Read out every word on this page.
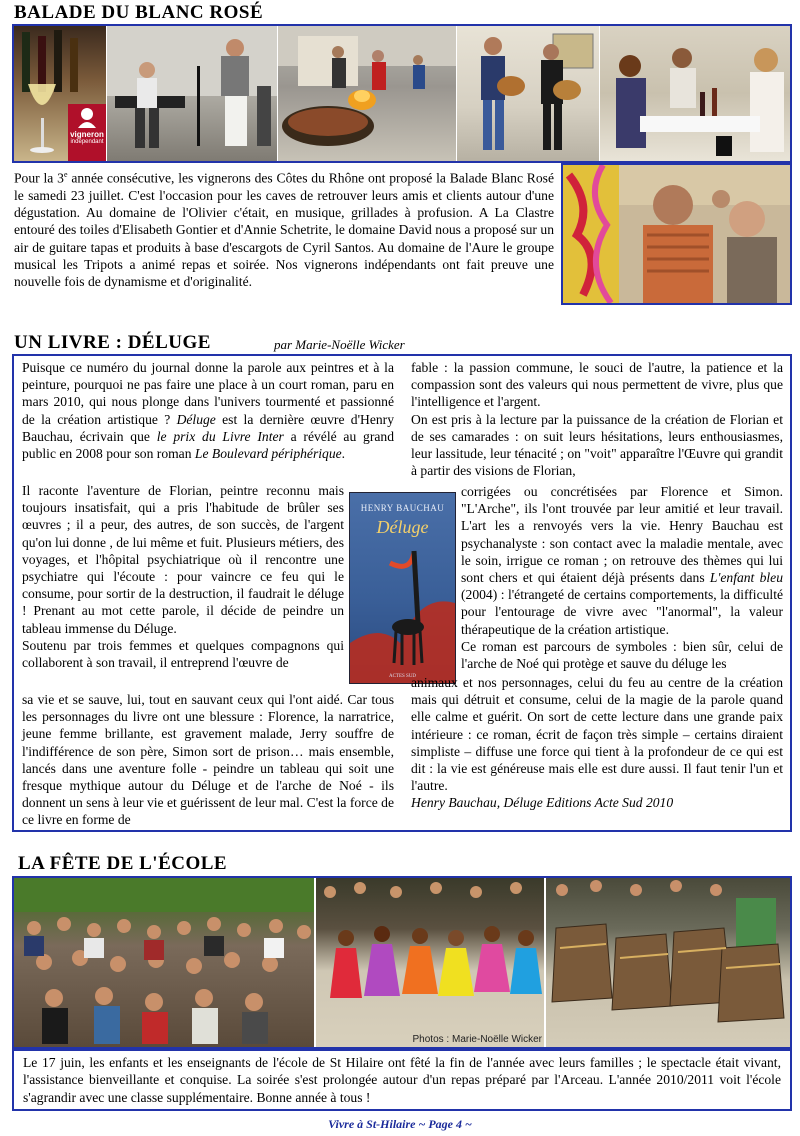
BALADE DU BLANC ROSÉ
vigneron
indépendant
Pour la 3e année consécutive, les vignerons des Côtes du Rhône ont proposé la Balade Blanc Rosé le samedi 23 juillet. C'est l'occasion pour les caves de retrouver leurs amis et clients autour d'une dégustation. Au domaine de l'Olivier c'était, en musique, grillades à profusion. A La Clastre entouré des toiles d'Elisabeth Gontier et d'Annie Schetrite, le domaine David nous a proposé sur un air de guitare tapas et produits à base d'escargots de Cyril Santos. Au domaine de l'Aure le groupe musical les Tripots a animé repas et soirée. Nos vignerons indépendants ont fait preuve une nouvelle fois de dynamisme et d'originalité.
UN LIVRE : DÉLUGE	par Marie-Noëlle Wicker

Puisque ce numéro du journal donne la parole aux peintres et à la peinture, pourquoi ne pas faire une place à un court roman, paru en mars 2010, qui nous plonge dans l'univers tourmenté et passionné de la création artistique ? Déluge est la dernière œuvre d'Henry Bauchau, écrivain que le prix du Livre Inter a révélé au grand public en 2008 pour son roman Le Boulevard périphérique.

Il raconte l'aventure de Florian, peintre reconnu mais toujours insatisfait, qui a pris l'habitude de brûler ses œuvres ; il a peur, des autres, de son succès, de l'argent qu'on lui donne , de lui même et fuit. Plusieurs métiers, des voyages, et l'hôpital psychiatrique où il rencontre une psychiatre qui l'écoute : pour vaincre ce feu qui le consume, pour sortir de la destruction, il faudrait le déluge ! Prenant au mot cette parole, il décide de peindre un tableau immense du Déluge.

Soutenu par trois femmes et quelques compagnons qui collaborent à son travail, il entreprend l'œuvre de

sa vie et se sauve, lui, tout en sauvant ceux qui l'ont aidé. Car tous les personnages du livre ont une blessure : Florence, la narratrice, jeune femme brillante, est gravement malade, Jerry souffre de l'indifférence de son père, Simon sort de prison… mais ensemble, lancés dans une aventure folle - peindre un tableau qui soit une fresque mythique autour du Déluge et de l'arche de Noé - ils donnent un sens à leur vie et guérissent de leur mal. C'est la force de ce livre en forme de

HENRY BAUCHAU
Déluge
ACTES SUD

fable : la passion commune, le souci de l'autre, la patience et la compassion sont des valeurs qui nous permettent de vivre, plus que l'intelligence et l'argent.

On est pris à la lecture par la puissance de la création de Florian et de ses camarades : on suit leurs hésitations, leurs enthousiasmes, leur lassitude, leur ténacité ; on "voit" apparaître l'Œuvre qui grandit à partir des visions de Florian,

corrigées ou concrétisées par Florence et Simon. "L'Arche", ils l'ont trouvée par leur amitié et leur travail. L'art les a renvoyés vers la vie. Henry Bauchau est psychanalyste : son contact avec la maladie mentale, avec le soin, irrigue ce roman ; on retrouve des thèmes qui lui sont chers et qui étaient déjà présents dans L'enfant bleu (2004) : l'étrangeté de certains comportements, la difficulté pour l'entourage de vivre avec "l'anormal", la valeur thérapeutique de la création artistique.

Ce roman est parcours de symboles : bien sûr, celui de l'arche de Noé qui protège et sauve du déluge les

animaux et nos personnages, celui du feu au centre de la création mais qui détruit et consume, celui de la magie de la parole quand elle calme et guérit. On sort de cette lecture dans une grande paix intérieure : ce roman, écrit de façon très simple – certains diraient simpliste – diffuse une force qui tient à la profondeur de ce qui est dit : la vie est généreuse mais elle est dure aussi. Il faut tenir l'un et l'autre.

Henry Bauchau, Déluge Editions Acte Sud 2010

LA FÊTE DE L'ÉCOLE
Photos : Marie-Noëlle Wicker

Le 17 juin, les enfants et les enseignants de l'école de St Hilaire ont fêté la fin de l'année avec leurs familles ; le spectacle était vivant, l'assistance bienveillante et conquise. La soirée s'est prolongée autour d'un repas préparé par l'Arceau. L'année 2010/2011 voit l'école s'agrandir avec une classe supplémentaire. Bonne année à tous !

Vivre à St-Hilaire ~ Page 4 ~
